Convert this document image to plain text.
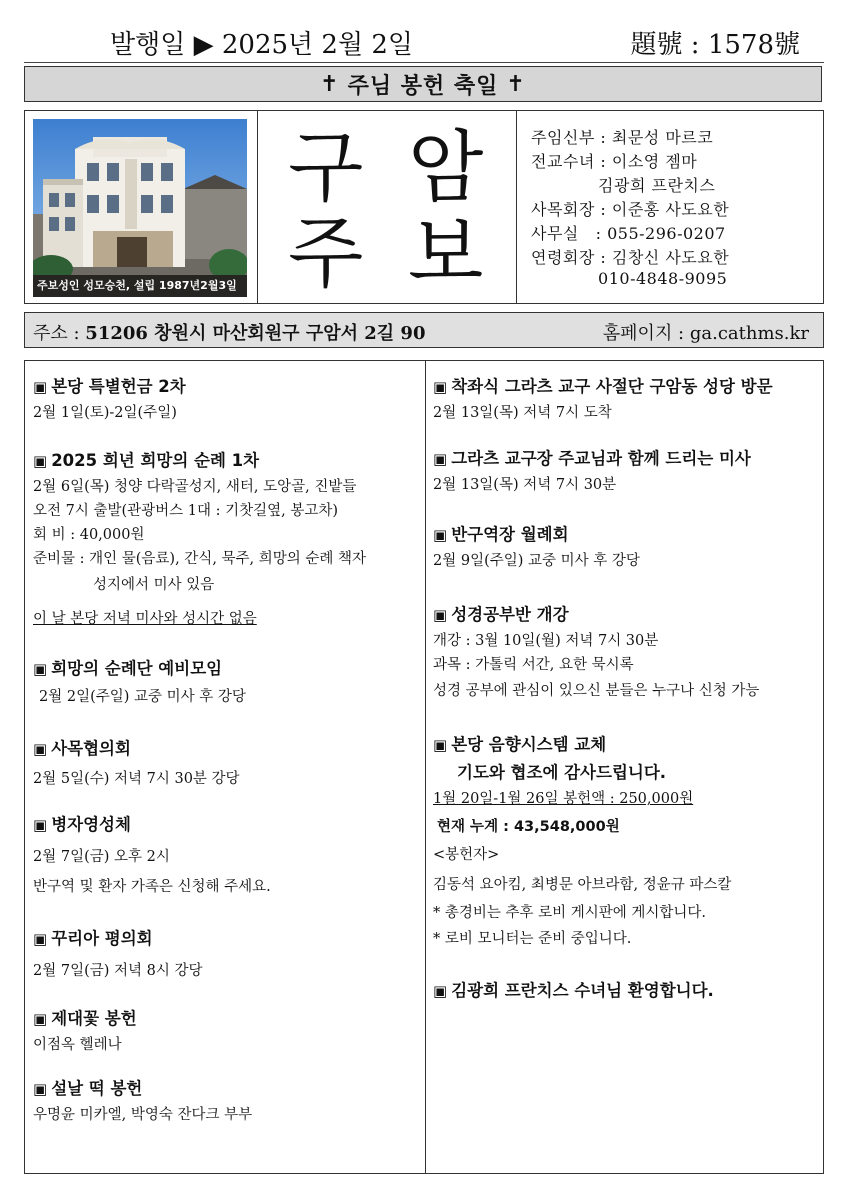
발행일 ▶ 2025년 2월 2일	題號 : 1578號
✝ 주님 봉헌 축일 ✝
주보성인 성모승천, 설립 1987년2월3일
구 암
주 보
주임신부 : 최문성 마르코
전교수녀 : 이소영 젬마
김광희 프란치스
사목회장 : 이준홍 사도요한
사무실   : 055-296-0207
연령회장 : 김창신 사도요한
010-4848-9095
주소 : 51206 창원시 마산회원구 구암서 2길 90	홈페이지 : ga.cathms.kr
▣ 본당 특별헌금 2차
2월 1일(토)-2일(주일)
▣ 2025 희년 희망의 순례 1차
2월 6일(목) 청양 다락골성지, 새터, 도앙골, 진밭들
오전 7시 출발(관광버스 1대 : 기찻길옆, 봉고차)
회 비 : 40,000원
준비물 : 개인 물(음료), 간식, 묵주, 희망의 순례 책자
성지에서 미사 있음
이 날 본당 저녁 미사와 성시간 없음
▣ 희망의 순례단 예비모임
2월 2일(주일) 교중 미사 후 강당
▣ 사목협의회
2월 5일(수) 저녁 7시 30분 강당
▣ 병자영성체
2월 7일(금) 오후 2시
반구역 및 환자 가족은 신청해 주세요.
▣ 꾸리아 평의회
2월 7일(금) 저녁 8시 강당
▣ 제대꽃 봉헌
이점옥 헬레나
▣ 설날 떡 봉헌
우명윤 미카엘, 박영숙 잔다크 부부
▣ 착좌식 그라츠 교구 사절단 구암동 성당 방문
2월 13일(목) 저녁 7시 도착
▣ 그라츠 교구장 주교님과 함께 드리는 미사
2월 13일(목) 저녁 7시 30분
▣ 반구역장 월례회
2월 9일(주일) 교중 미사 후 강당
▣ 성경공부반 개강
개강 : 3월 10일(월) 저녁 7시 30분
과목 : 가톨릭 서간, 요한 묵시록
성경 공부에 관심이 있으신 분들은 누구나 신청 가능
▣ 본당 음향시스템 교체
기도와 협조에 감사드립니다.
1월 20일-1월 26일 봉헌액 : 250,000원
현재 누계 : 43,548,000원
<봉헌자>
김동석 요아킴, 최병문 아브라함, 정윤규 파스칼
* 총경비는 추후 로비 게시판에 게시합니다.
* 로비 모니터는 준비 중입니다.
▣ 김광희 프란치스 수녀님 환영합니다.
